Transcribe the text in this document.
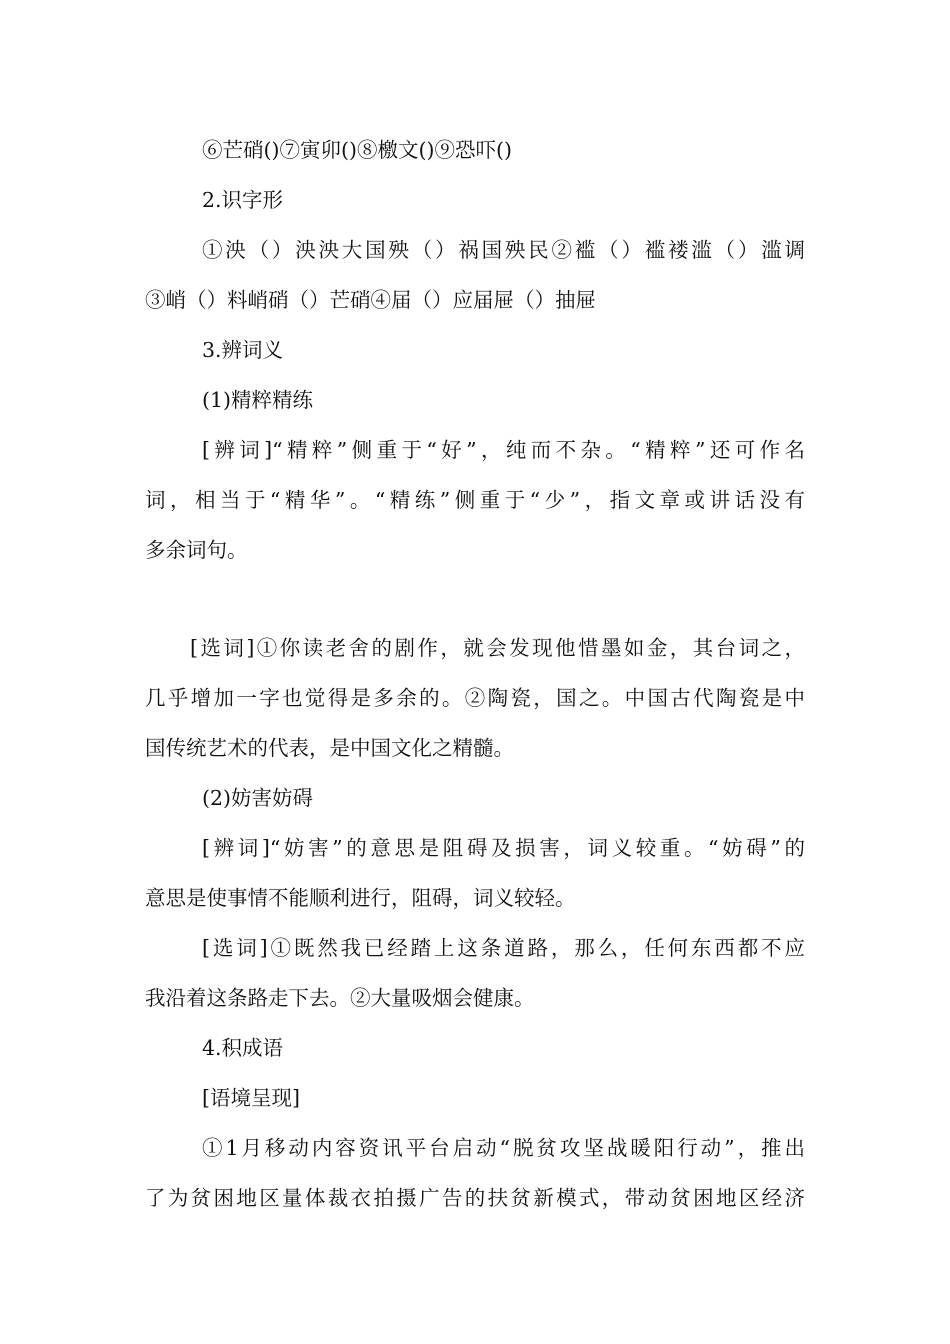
⑥芒硝()⑦寅卯()⑧檄文()⑨恐吓()
2.识字形
①泱（）泱泱大国殃（）祸国殃民②褴（）褴褛滥（）滥调
③峭（）料峭硝（）芒硝④届（）应届屉（）抽屉
3.辨词义
(1)精粹精练
[辨词]“精粹”侧重于“好”，纯而不杂。“精粹”还可作名
词，相当于“精华”。“精练”侧重于“少”，指文章或讲话没有
多余词句。
[选词]①你读老舍的剧作，就会发现他惜墨如金，其台词之，
几乎增加一字也觉得是多余的。②陶瓷，国之。中国古代陶瓷是中
国传统艺术的代表，是中国文化之精髓。
(2)妨害妨碍
[辨词]“妨害”的意思是阻碍及损害，词义较重。“妨碍”的
意思是使事情不能顺利进行，阻碍，词义较轻。
[选词]①既然我已经踏上这条道路，那么，任何东西都不应
我沿着这条路走下去。②大量吸烟会健康。
4.积成语
[语境呈现]
①1月移动内容资讯平台启动“脱贫攻坚战暖阳行动”，推出
了为贫困地区量体裁衣拍摄广告的扶贫新模式，带动贫困地区经济
